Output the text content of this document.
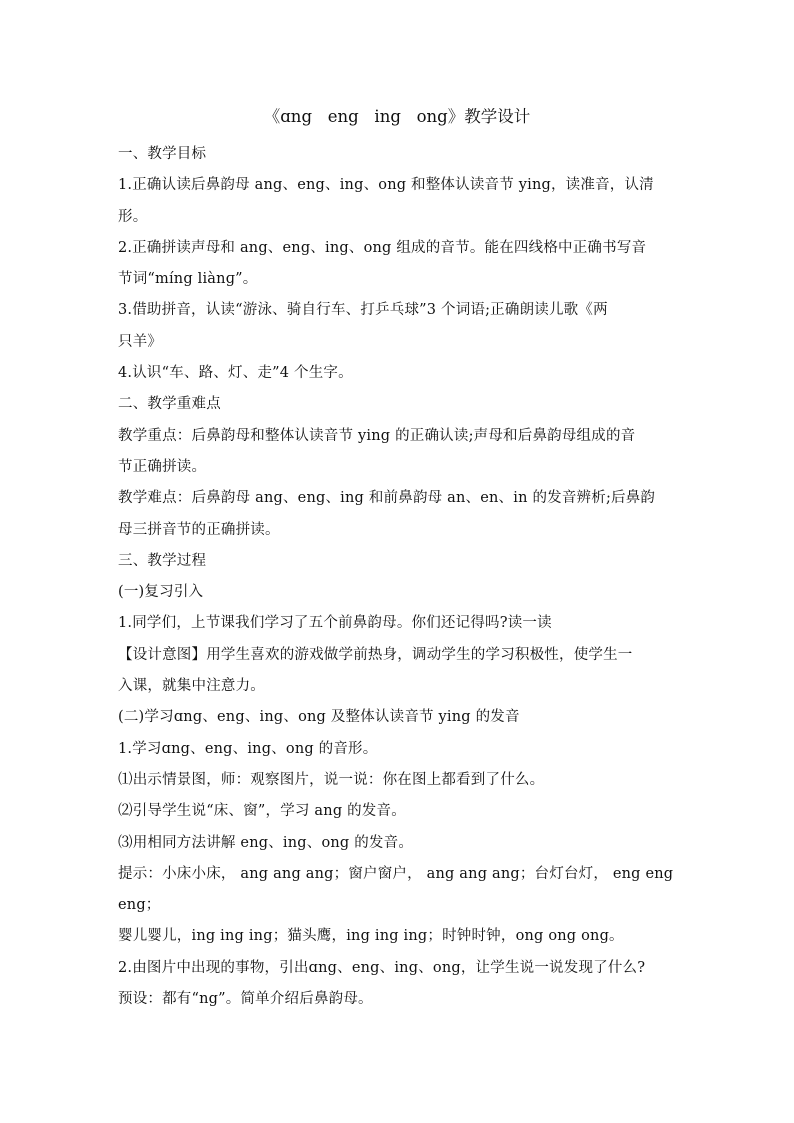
《ɑng   eng   ing   ong》教学设计

一、教学目标

1.正确认读后鼻韵母 ang、eng、ing、ong 和整体认读音节 ying，读准音，认清

形。

2.正确拼读声母和 ang、eng、ing、ong 组成的音节。能在四线格中正确书写音

节词“míng liànɡ”。

3.借助拼音，认读“游泳、骑自行车、打乒乓球”3 个词语;正确朗读儿歌《两

只羊》

4.认识“车、路、灯、走”4 个生字。

二、教学重难点

教学重点：后鼻韵母和整体认读音节 ying 的正确认读;声母和后鼻韵母组成的音

节正确拼读。

教学难点：后鼻韵母 ang、eng、ing 和前鼻韵母 an、en、in 的发音辨析;后鼻韵

母三拼音节的正确拼读。

三、教学过程

(一)复习引入

1.同学们，上节课我们学习了五个前鼻韵母。你们还记得吗?读一读

【设计意图】用学生喜欢的游戏做学前热身，调动学生的学习积极性，使学生一

入课，就集中注意力。

(二)学习ɑng、eng、ing、ong 及整体认读音节 ying 的发音

1.学习ɑng、eng、ing、ong 的音形。

⑴出示情景图，师：观察图片，说一说：你在图上都看到了什么。

⑵引导学生说“床、窗”，学习 ang 的发音。

⑶用相同方法讲解 eng、ing、ong 的发音。

提示：小床小床， ang ang ang；窗户窗户， ang ang ang；台灯台灯， eng eng

eng；

婴儿婴儿，ing ing ing；猫头鹰，ing ing ing；时钟时钟，ong ong ong。

2.由图片中出现的事物，引出ɑng、eng、ing、ong，让学生说一说发现了什么?

预设：都有“ng”。简单介绍后鼻韵母。
